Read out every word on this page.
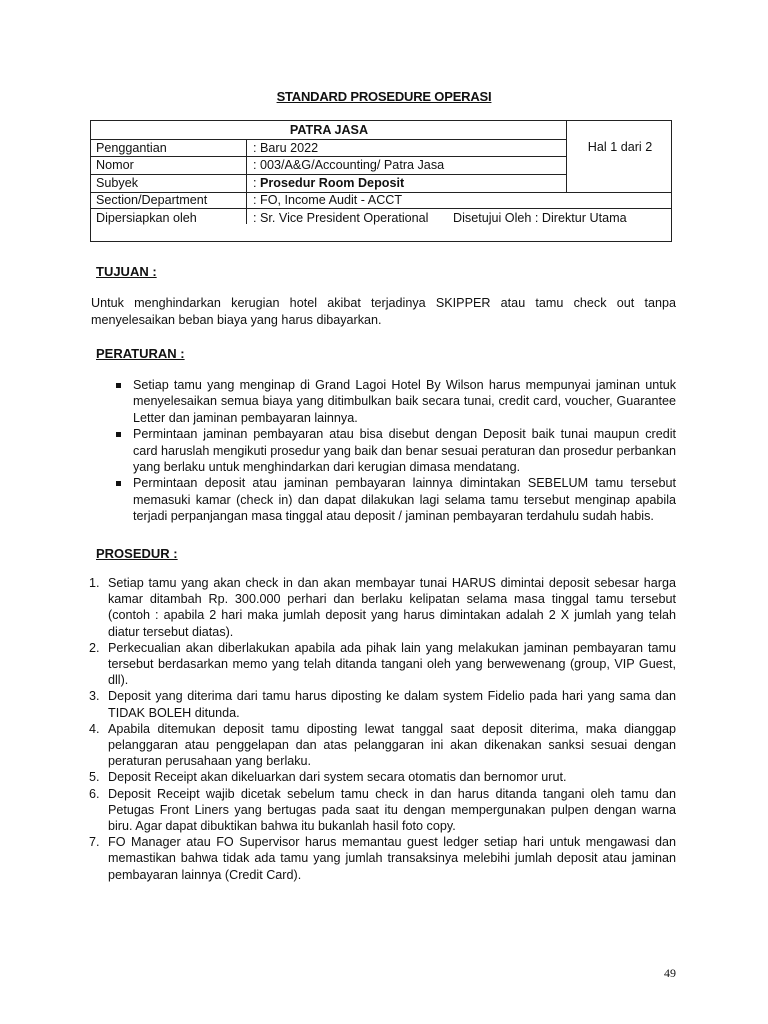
STANDARD PROSEDURE OPERASI
PATRA JASA
Hal 1 dari 2
Penggantian	: Baru 2022
Nomor	: 003/A&G/Accounting/ Patra Jasa
Subyek	: Prosedur Room Deposit
Section/Department	: FO, Income Audit - ACCT
Dipersiapkan oleh	: Sr. Vice President Operational Disetujui Oleh : Direktur Utama
TUJUAN :
Untuk menghindarkan kerugian hotel akibat terjadinya SKIPPER atau tamu check out tanpa menyelesaikan beban biaya yang harus dibayarkan.
PERATURAN :
Setiap tamu yang menginap di Grand Lagoi Hotel By Wilson harus mempunyai jaminan untuk menyelesaikan semua biaya yang ditimbulkan baik secara tunai, credit card, voucher, Guarantee Letter dan jaminan pembayaran lainnya.
Permintaan jaminan pembayaran atau bisa disebut dengan Deposit baik tunai maupun credit card haruslah mengikuti prosedur yang baik dan benar sesuai peraturan dan prosedur perbankan yang berlaku untuk menghindarkan dari kerugian dimasa mendatang.
Permintaan deposit atau jaminan pembayaran lainnya dimintakan SEBELUM tamu tersebut memasuki kamar (check in) dan dapat dilakukan lagi selama tamu tersebut menginap apabila terjadi perpanjangan masa tinggal atau deposit / jaminan pembayaran terdahulu sudah habis.
PROSEDUR :
1. Setiap tamu yang akan check in dan akan membayar tunai HARUS dimintai deposit sebesar harga kamar ditambah Rp. 300.000 perhari dan berlaku kelipatan selama masa tinggal tamu tersebut (contoh : apabila 2 hari maka jumlah deposit yang harus dimintakan adalah 2 X jumlah yang telah diatur tersebut diatas).
2. Perkecualian akan diberlakukan apabila ada pihak lain yang melakukan jaminan pembayaran tamu tersebut berdasarkan memo yang telah ditanda tangani oleh yang berwewenang (group, VIP Guest, dll).
3. Deposit yang diterima dari tamu harus diposting ke dalam system Fidelio pada hari yang sama dan TIDAK BOLEH ditunda.
4. Apabila ditemukan deposit tamu diposting lewat tanggal saat deposit diterima, maka dianggap pelanggaran atau penggelapan dan atas pelanggaran ini akan dikenakan sanksi sesuai dengan peraturan perusahaan yang berlaku.
5. Deposit Receipt akan dikeluarkan dari system secara otomatis dan bernomor urut.
6. Deposit Receipt wajib dicetak sebelum tamu check in dan harus ditanda tangani oleh tamu dan Petugas Front Liners yang bertugas pada saat itu dengan mempergunakan pulpen dengan warna biru. Agar dapat dibuktikan bahwa itu bukanlah hasil foto copy.
7. FO Manager atau FO Supervisor harus memantau guest ledger setiap hari untuk mengawasi dan memastikan bahwa tidak ada tamu yang jumlah transaksinya melebihi jumlah deposit atau jaminan pembayaran lainnya (Credit Card).
49
